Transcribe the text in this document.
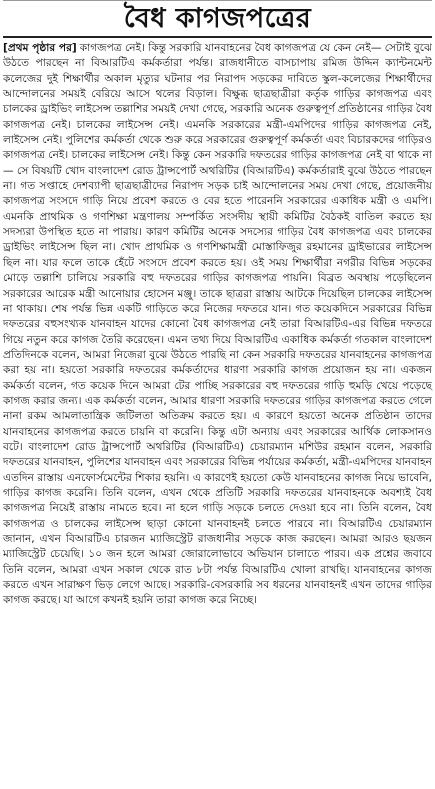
বৈধ কাগজপত্রের

[প্রথম পৃষ্ঠার পর] কাগজপত্র নেই। কিন্তু সরকারি যানবাহনের বৈধ কাগজপত্র যে কেন নেই— সেটাই বুঝে উঠতে পারছেন না বিআরটিএ কর্মকর্তারা পর্যন্ত। রাজধানীতে বাসচাপায় রমিজ উদ্দিন ক্যান্টনমেন্ট কলেজের দুই শিক্ষার্থীর অকাল মৃত্যুর ঘটনার পর নিরাপদ সড়কের দাবিতে স্কুল-কলেজের শিক্ষার্থীদের আন্দোলনের সময়ই বেরিয়ে আসে থলের বিড়াল। বিক্ষুব্ধ ছাত্রছাত্রীরা কর্তৃক গাড়ির কাগজপত্র এবং চালকের ড্রাইভিং লাইসেন্স তল্লাশির সময়ই দেখা গেছে, সরকারি অনেক গুরুত্বপূর্ণ প্রতিষ্ঠানের গাড়ির বৈধ কাগজপত্র নেই। চালকের লাইসেন্স নেই। এমনকি সরকারের মন্ত্রী-এমপিদের গাড়ির কাগজপত্র নেই, লাইসেন্স নেই। পুলিশের কর্মকর্তা থেকে শুরু করে সরকারের গুরুত্বপূর্ণ কর্মকর্তা এবং বিচারকদের গাড়িরও কাগজপত্র নেই। চালকের লাইসেন্স নেই। কিন্তু কেন সরকারি দফতরের গাড়ির কাগজপত্র নেই বা থাকে না— সে বিষয়টি খোদ বাংলাদেশ রোড ট্রান্সপোর্ট অথরিটির (বিআরটিএ) কর্মকর্তারাই বুঝে উঠতে পারছেন না। গত সপ্তাহে দেশব্যাপী ছাত্রছাত্রীদের নিরাপদ সড়ক চাই আন্দোলনের সময় দেখা গেছে, প্রয়োজনীয় কাগজপত্র সংসদে গাড়ি নিয়ে প্রবেশ করতে ও বের হতে পারেননি সরকারের একাধিক মন্ত্রী ও এমপি। এমনকি প্রাথমিক ও গণশিক্ষা মন্ত্রণালয় সম্পর্কিত সংসদীয় স্থায়ী কমিটির বৈঠকই বাতিল করতে হয় সদস্যরা উপস্থিত হতে না পারায়। কারণ কমিটির অনেক সদস্যের গাড়ির বৈধ কাগজপত্র এবং চালকের ড্রাইভিং লাইসেন্স ছিল না। খোদ প্রাথমিক ও গণশিক্ষামন্ত্রী মোস্তাফিজুর রহমানের ড্রাইভারের লাইসেন্স ছিল না। যার ফলে তাকে হেঁটে সংসদে প্রবেশ করতে হয়। ওই সময় শিক্ষার্থীরা নগরীর বিভিন্ন সড়কের মোড়ে তল্লাশি চালিয়ে সরকারি বহু দফতরের গাড়ির কাগজপত্র পায়নি। বিব্রত অবস্থায় পড়েছিলেন সরকারের আরেক মন্ত্রী আনোয়ার হোসেন মঞ্জু। তাকে ছাত্ররা রাস্তায় আটকে দিয়েছিল চালকের লাইসেন্স না থাকায়। শেষ পর্যন্ত ভিন্ন একটি গাড়িতে করে নিজের দফতরে যান। গত কয়েকদিনে সরকারের বিভিন্ন দফতরের বহুসংখ্যক যানবাহন যাদের কোনো বৈধ কাগজপত্র নেই তারা বিআরটিএ-এর বিভিন্ন দফতরে গিয়ে নতুন করে কাগজ তৈরি করেছেন। এমন তথ্য দিয়ে বিআরটিএ একাধিক কর্মকর্তা গতকাল বাংলাদেশ প্রতিদিনকে বলেন, আমরা নিজেরা বুঝে উঠতে পারছি না কেন সরকারি দফতরের যানবাহনের কাগজপত্র করা হয় না। হয়তো সরকারি দফতরের কর্মকর্তাদের ধারণা সরকারি কাগজ প্রয়োজন হয় না। একজন কর্মকর্তা বলেন, গত কয়েক দিনে আমরা টের পাচ্ছি সরকারের বহু দফতরের গাড়ি হুমড়ি খেয়ে পড়েছে কাগজ করার জন্য। এক কর্মকর্তা বলেন, আমার ধারণা সরকারি দফতরের গাড়ির কাগজপত্র করতে গেলে নানা রকম আমলাতান্ত্রিক জটিলতা অতিক্রম করতে হয়। এ কারণে হয়তো অনেক প্রতিষ্ঠান তাদের যানবাহনের কাগজপত্র করতে চায়নি বা করেনি। কিন্তু এটা অন্যায় এবং সরকারের আর্থিক লোকসানও বটে। বাংলাদেশ রোড ট্রান্সপোর্ট অথরিটির (বিআরটিএ) চেয়ারম্যান মশিউর রহমান বলেন, সরকারি দফতরের যানবাহন, পুলিশের যানবাহন এবং সরকারের বিভিন্ন পর্যায়ের কর্মকর্তা, মন্ত্রী-এমপিদের যানবাহন এতদিন রাস্তায় এনফোর্সমেন্টের শিকার হয়নি। এ কারণেই হয়তো কেউ যানবাহনের কাগজ নিয়ে ভাবেনি, গাড়ির কাগজ করেনি। তিনি বলেন, এখন থেকে প্রতিটি সরকারি দফতরের যানবাহনকে অবশ্যই বৈধ কাগজপত্র নিয়েই রাস্তায় নামতে হবে। না হলে গাড়ি সড়কে চলতে দেওয়া হবে না। তিনি বলেন, বৈধ কাগজপত্র ও চালকের লাইসেন্স ছাড়া কোনো যানবাহনই চলতে পারবে না। বিআরটিএ চেয়ারম্যান জানান, এখন বিআরটিএ চারজন ম্যাজিস্ট্রেট রাজধানীর সড়কে কাজ করছেন। আমরা আরও ছয়জন ম্যাজিস্ট্রেট চেয়েছি। ১০ জন হলে আমরা জোরালোভাবে অভিযান চালাতে পারব। এক প্রশ্নের জবাবে তিনি বলেন, আমরা এখন সকাল থেকে রাত ৮টা পর্যন্ত বিআরটিএ খোলা রাখছি। যানবাহনের কাগজ করতে এখন সারাক্ষণ ভিড় লেগে আছে। সরকারি-বেসরকারি সব ধরনের যানবাহনই এখন তাদের গাড়ির কাগজ করছে। যা আগে কখনই হয়নি তারা কাগজ করে নিচ্ছে।
